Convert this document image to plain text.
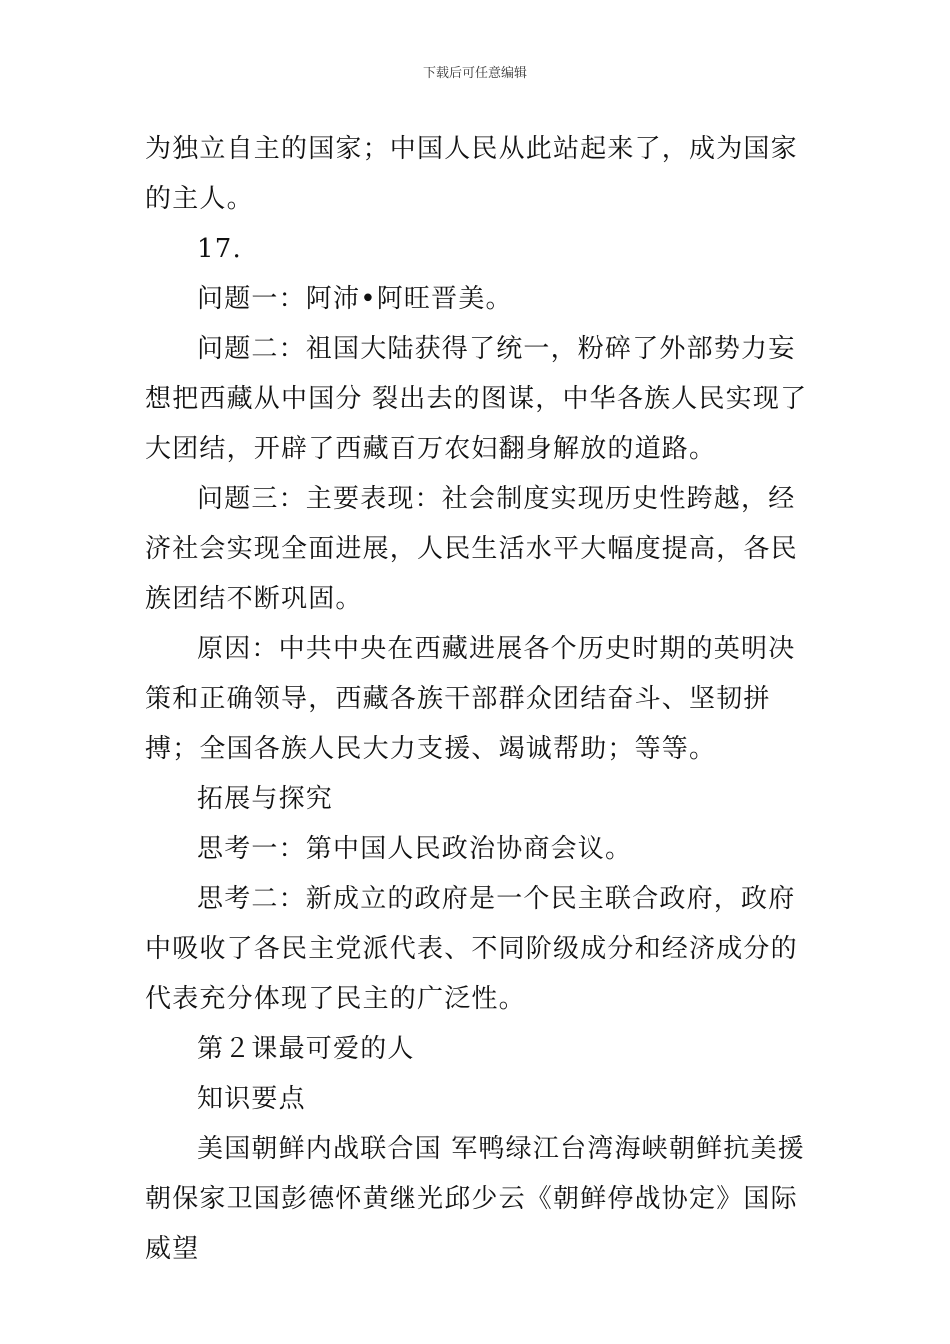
下载后可任意编辑

为独立自主的国家；中国人民从此站起来了，成为国家的主人。

17.

问题一：阿沛•阿旺晋美。

问题二：祖国大陆获得了统一，粉碎了外部势力妄想把西藏从中国分 裂出去的图谋，中华各族人民实现了大团结，开辟了西藏百万农妇翻身解放的道路。

问题三：主要表现：社会制度实现历史性跨越，经济社会实现全面进展，人民生活水平大幅度提高，各民族团结不断巩固。

原因：中共中央在西藏进展各个历史时期的英明决策和正确领导，西藏各族干部群众团结奋斗、坚韧拼搏；全国各族人民大力支援、竭诚帮助；等等。

拓展与探究

思考一：第中国人民政治协商会议。

思考二：新成立的政府是一个民主联合政府，政府中吸收了各民主党派代表、不同阶级成分和经济成分的代表充分体现了民主的广泛性。

第２课最可爱的人

知识要点

美国朝鲜内战联合国 军鸭绿江台湾海峡朝鲜抗美援朝保家卫国彭德怀黄继光邱少云《朝鲜停战协定》国际威望
